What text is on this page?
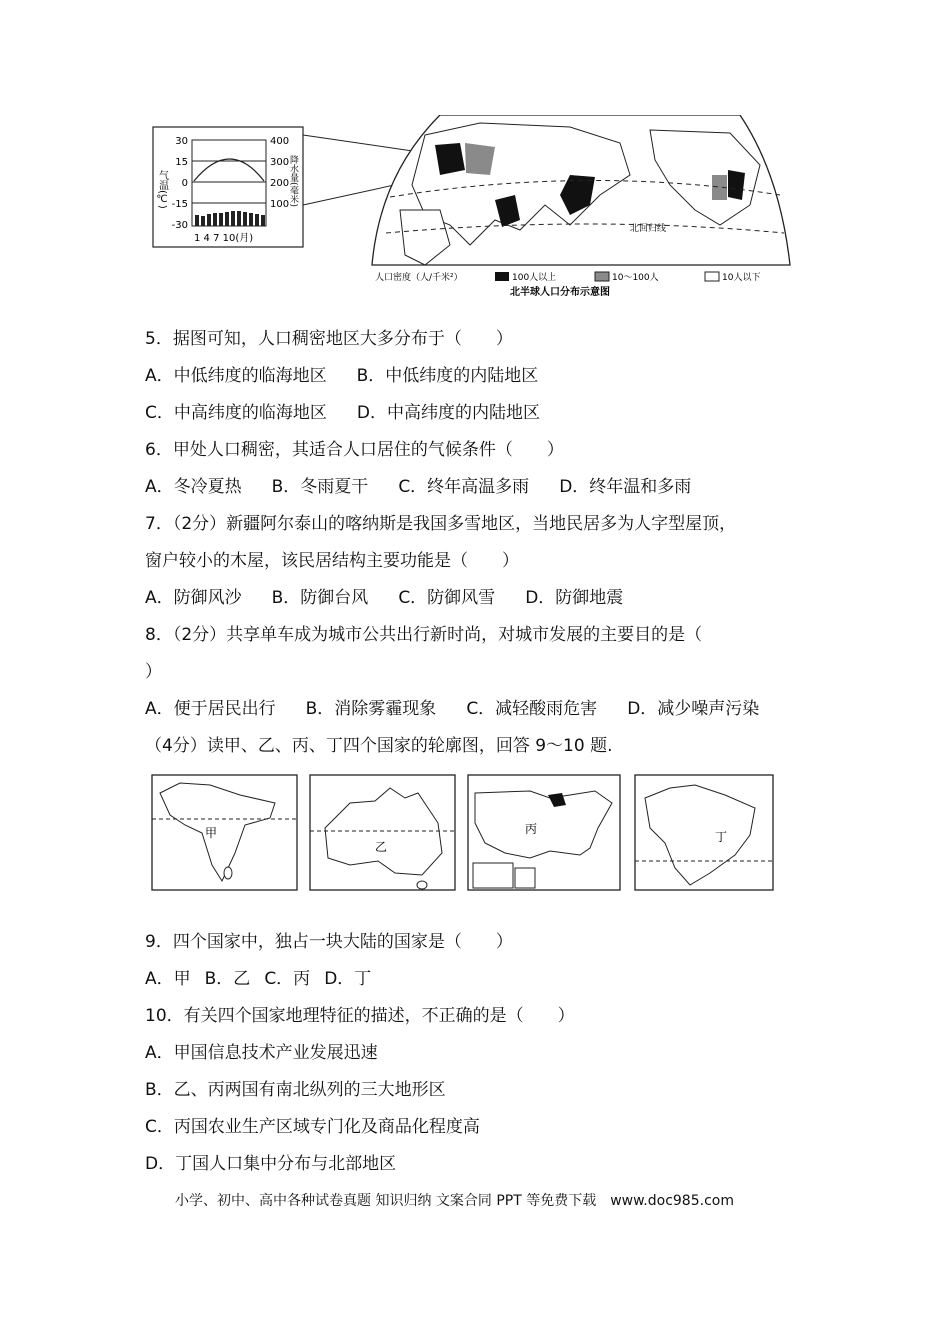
气温(℃)	降水量(毫米)
30
15
0
-15
-30
400
300
200
100
1 4 7 10(月)
北回归线
人口密度（人/千米²）	100人以上	10～100人	10人以下
北半球人口分布示意图
5．据图可知，人口稠密地区大多分布于（　　）
A．中低纬度的临海地区 B．中低纬度的内陆地区
C．中高纬度的临海地区 D．中高纬度的内陆地区
6．甲处人口稠密，其适合人口居住的气候条件（　　）
A．冬冷夏热 B．冬雨夏干 C．终年高温多雨 D．终年温和多雨
7．（2分）新疆阿尔泰山的喀纳斯是我国多雪地区，当地民居多为人字型屋顶，
窗户较小的木屋，该民居结构主要功能是（　　）
A．防御风沙 B．防御台风 C．防御风雪 D．防御地震
8．（2分）共享单车成为城市公共出行新时尚，对城市发展的主要目的是（
）
A．便于居民出行 B．消除雾霾现象 C．减轻酸雨危害 D．减少噪声污染
（4分）读甲、乙、丙、丁四个国家的轮廓图，回答 9～10 题.
甲
乙
丙
丁
9．四个国家中，独占一块大陆的国家是（　　）
A．甲 B．乙 C．丙 D．丁
10．有关四个国家地理特征的描述，不正确的是（　　）
A．甲国信息技术产业发展迅速
B．乙、丙两国有南北纵列的三大地形区
C．丙国农业生产区域专门化及商品化程度高
D．丁国人口集中分布与北部地区
小学、初中、高中各种试卷真题 知识归纳 文案合同 PPT 等免费下载　www.doc985.com
